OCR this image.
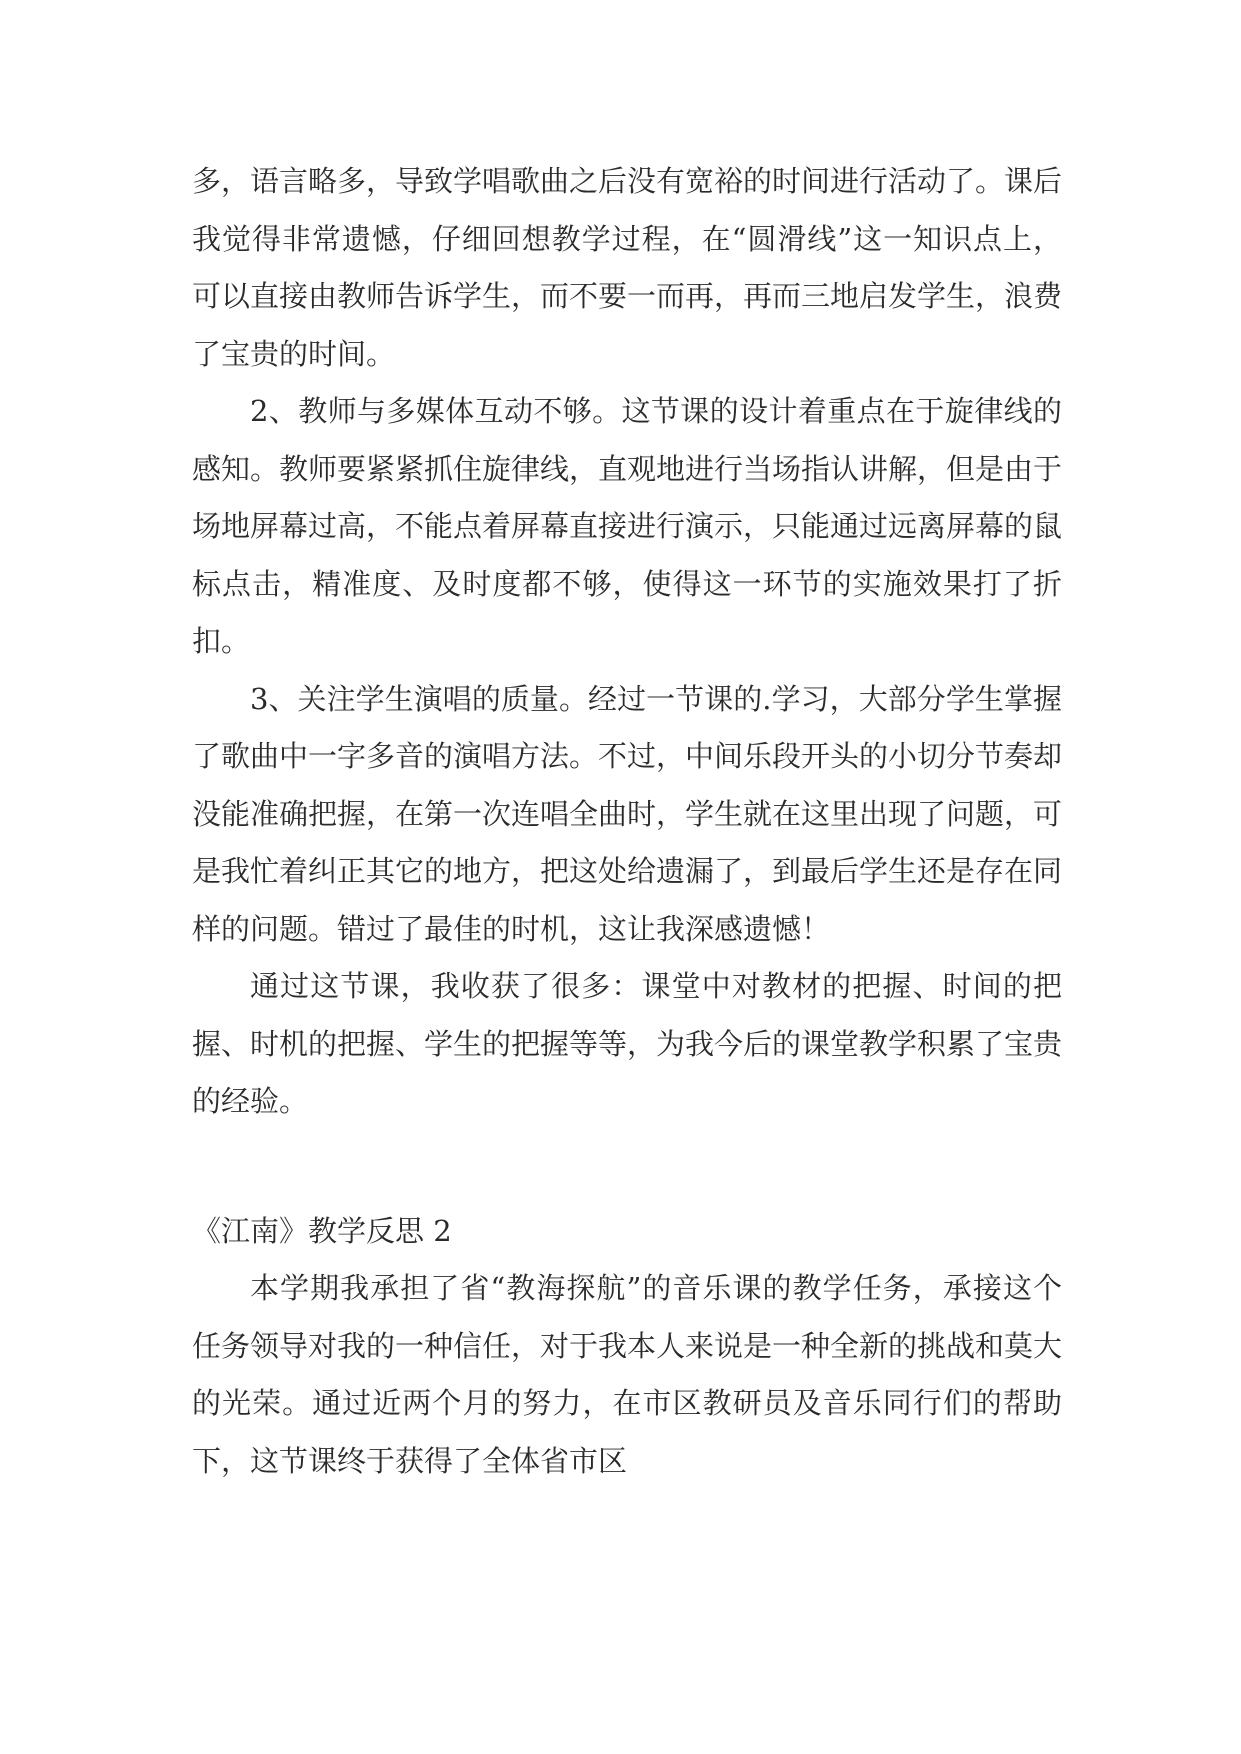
多，语言略多，导致学唱歌曲之后没有宽裕的时间进行活动了。课后我觉得非常遗憾，仔细回想教学过程，在“圆滑线”这一知识点上，可以直接由教师告诉学生，而不要一而再，再而三地启发学生，浪费了宝贵的时间。

2、教师与多媒体互动不够。这节课的设计着重点在于旋律线的感知。教师要紧紧抓住旋律线，直观地进行当场指认讲解，但是由于场地屏幕过高，不能点着屏幕直接进行演示，只能通过远离屏幕的鼠标点击，精准度、及时度都不够，使得这一环节的实施效果打了折扣。

3、关注学生演唱的质量。经过一节课的.学习，大部分学生掌握了歌曲中一字多音的演唱方法。不过，中间乐段开头的小切分节奏却没能准确把握，在第一次连唱全曲时，学生就在这里出现了问题，可是我忙着纠正其它的地方，把这处给遗漏了，到最后学生还是存在同样的问题。错过了最佳的时机，这让我深感遗憾！

通过这节课，我收获了很多：课堂中对教材的把握、时间的把握、时机的把握、学生的把握等等，为我今后的课堂教学积累了宝贵的经验。

《江南》教学反思 2

本学期我承担了省“教海探航”的音乐课的教学任务，承接这个任务领导对我的一种信任，对于我本人来说是一种全新的挑战和莫大的光荣。通过近两个月的努力，在市区教研员及音乐同行们的帮助下，这节课终于获得了全体省市区
